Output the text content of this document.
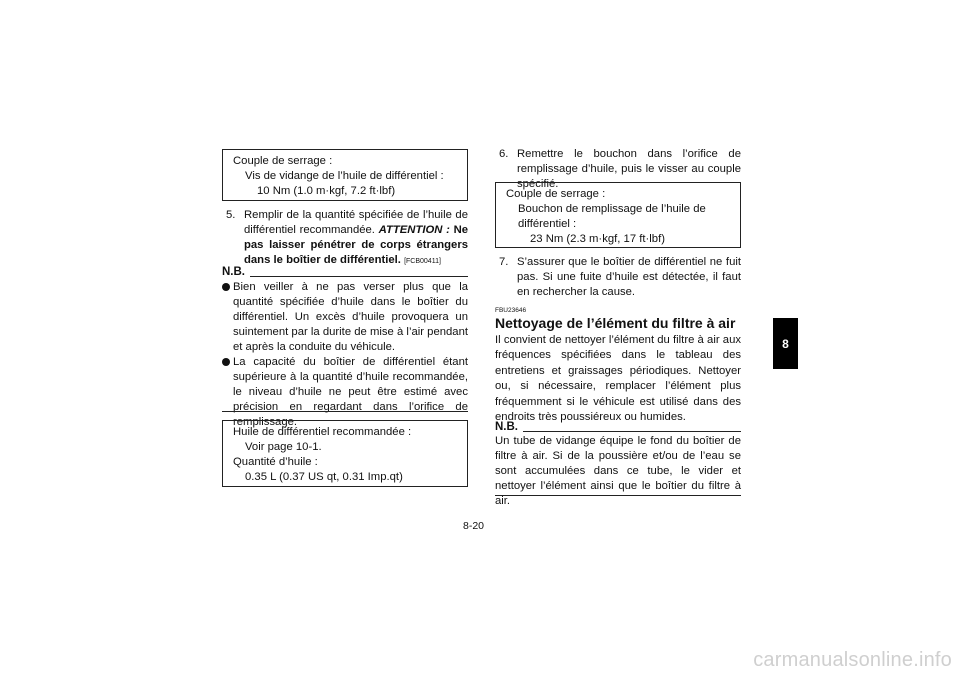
Couple de serrage :
Vis de vidange de l’huile de différentiel :
10 Nm (1.0 m·kgf, 7.2 ft·lbf)
5. Remplir de la quantité spécifiée de l’huile de différentiel recommandée. ATTENTION : Ne pas laisser pénétrer de corps étrangers dans le boîtier de différentiel. [FCB00411]
N.B.
Bien veiller à ne pas verser plus que la quantité spécifiée d’huile dans le boîtier du différentiel. Un excès d’huile provoquera un suintement par la durite de mise à l’air pendant et après la conduite du véhicule.
La capacité du boîtier de différentiel étant supérieure à la quantité d’huile recommandée, le niveau d’huile ne peut être estimé avec précision en regardant dans l’orifice de remplissage.
Huile de différentiel recommandée :
Voir page 10-1.
Quantité d’huile :
0.35 L (0.37 US qt, 0.31 Imp.qt)
6. Remettre le bouchon dans l’orifice de remplissage d’huile, puis le visser au couple spécifié.
Couple de serrage :
Bouchon de remplissage de l’huile de
différentiel :
23 Nm (2.3 m·kgf, 17 ft·lbf)
7. S’assurer que le boîtier de différentiel ne fuit pas. Si une fuite d’huile est détectée, il faut en rechercher la cause.
FBU23646
Nettoyage de l’élément du filtre à air
Il convient de nettoyer l’élément du filtre à air aux fréquences spécifiées dans le tableau des entretiens et graissages périodiques. Nettoyer ou, si nécessaire, remplacer l’élément plus fréquemment si le véhicule est utilisé dans des endroits très poussiéreux ou humides.
N.B.
Un tube de vidange équipe le fond du boîtier de filtre à air. Si de la poussière et/ou de l’eau se sont accumulées dans ce tube, le vider et nettoyer l’élément ainsi que le boîtier du filtre à air.
8-20
8
carmanualsonline.info
